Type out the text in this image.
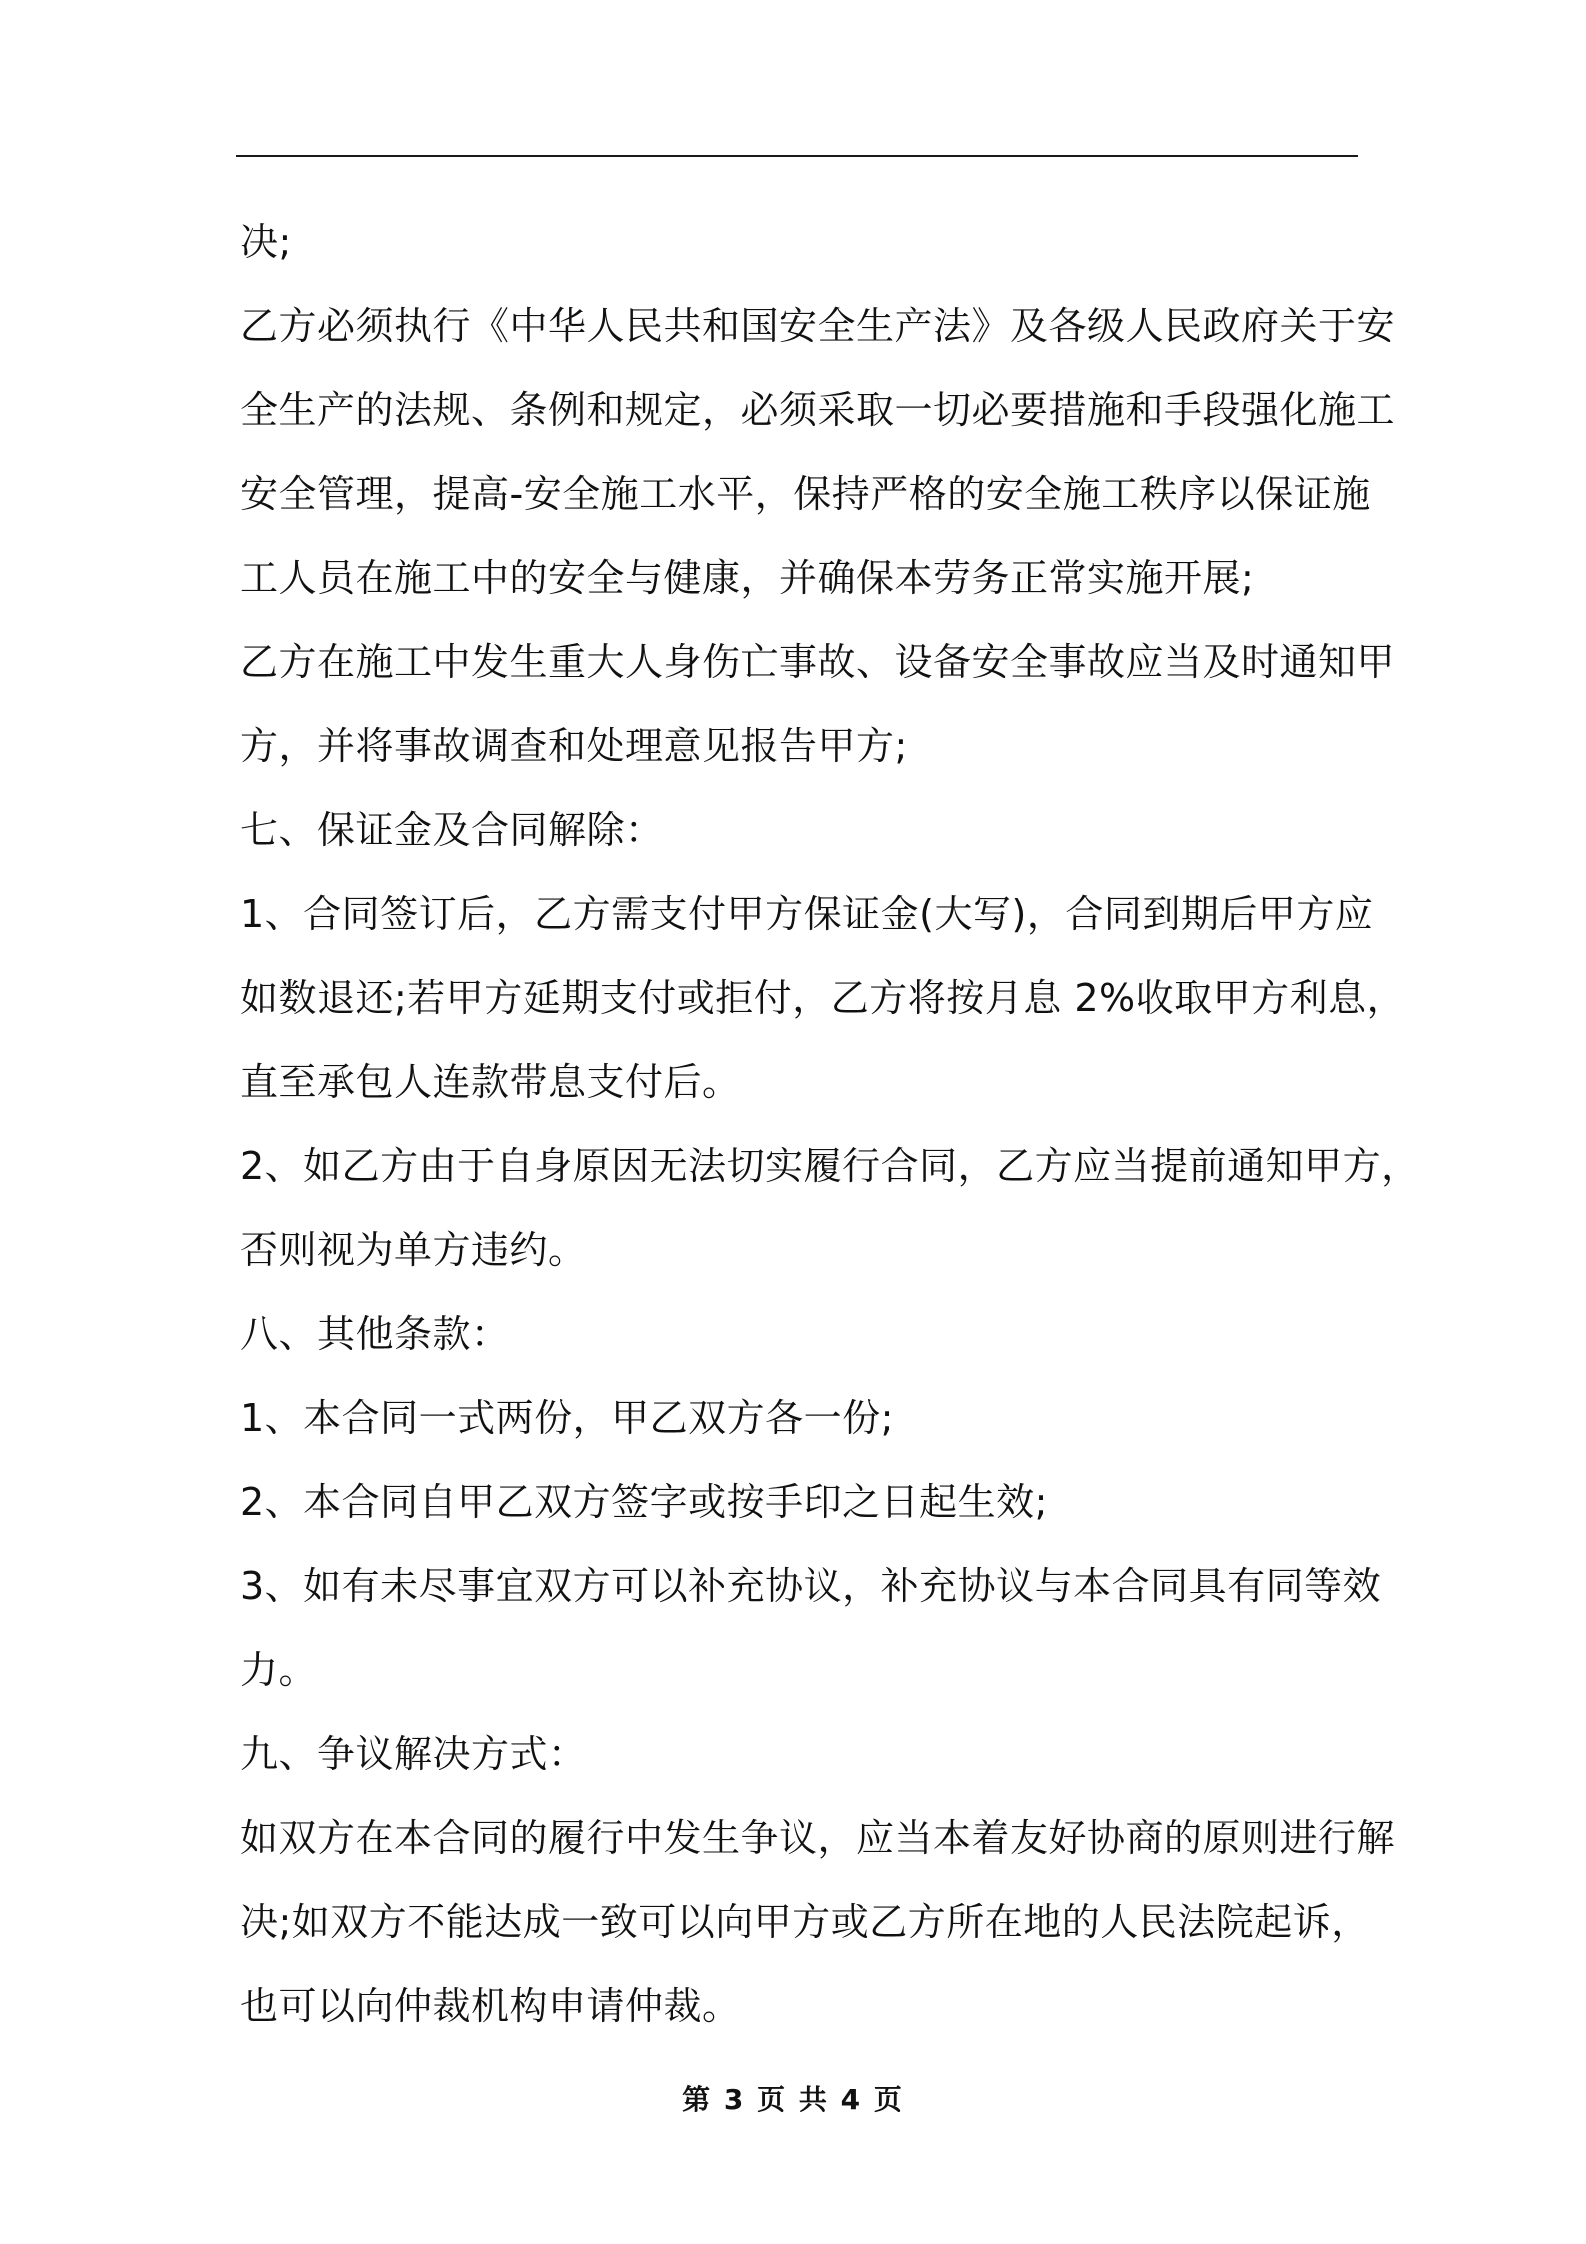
决;
乙方必须执行《中华人民共和国安全生产法》及各级人民政府关于安
全生产的法规、条例和规定，必须采取一切必要措施和手段强化施工
安全管理，提高-安全施工水平，保持严格的安全施工秩序以保证施
工人员在施工中的安全与健康，并确保本劳务正常实施开展;
乙方在施工中发生重大人身伤亡事故、设备安全事故应当及时通知甲
方，并将事故调查和处理意见报告甲方;
七、保证金及合同解除：
1、合同签订后，乙方需支付甲方保证金(大写)，合同到期后甲方应
如数退还;若甲方延期支付或拒付，乙方将按月息 2%收取甲方利息，
直至承包人连款带息支付后。
2、如乙方由于自身原因无法切实履行合同，乙方应当提前通知甲方，
否则视为单方违约。
八、其他条款：
1、本合同一式两份，甲乙双方各一份;
2、本合同自甲乙双方签字或按手印之日起生效;
3、如有未尽事宜双方可以补充协议，补充协议与本合同具有同等效
力。
九、争议解决方式：
如双方在本合同的履行中发生争议，应当本着友好协商的原则进行解
决;如双方不能达成一致可以向甲方或乙方所在地的人民法院起诉，
也可以向仲裁机构申请仲裁。
第 3 页 共 4 页
